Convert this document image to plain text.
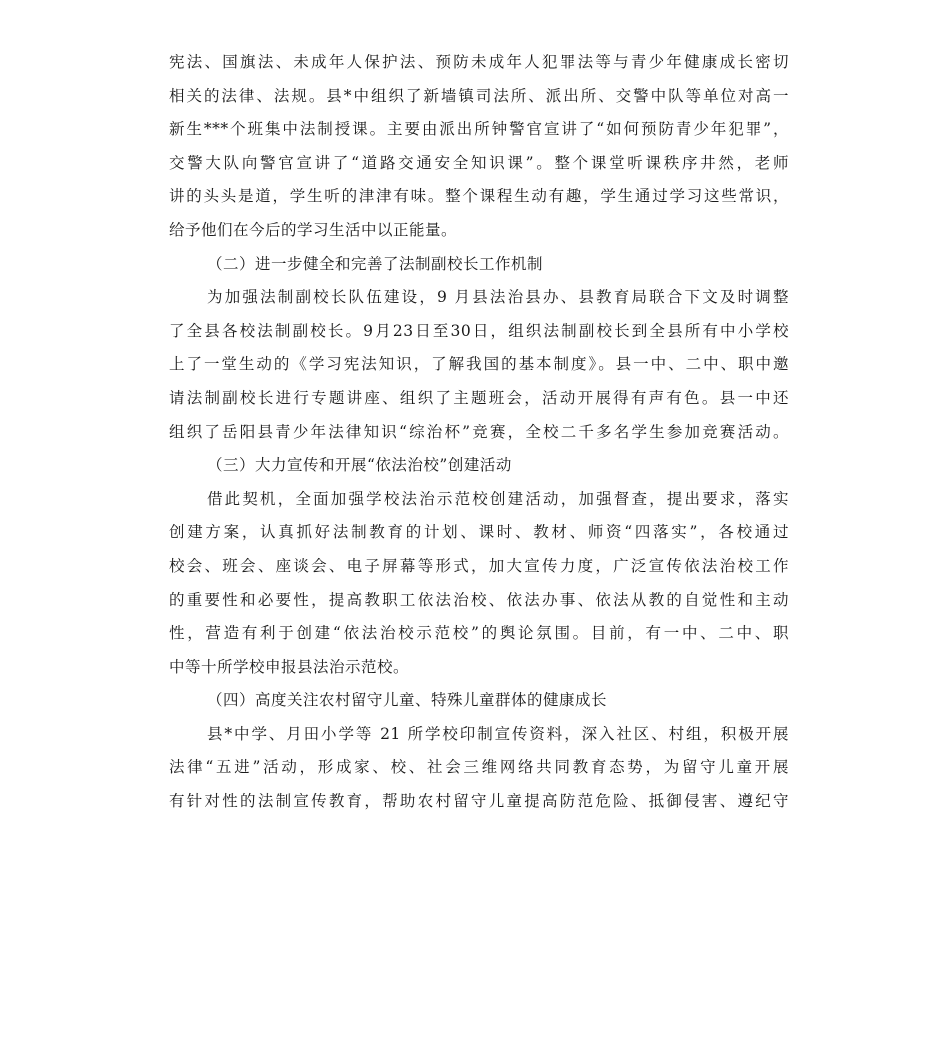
宪法、国旗法、未成年人保护法、预防未成年人犯罪法等与青少年健康成长密切
相关的法律、法规。县*中组织了新墙镇司法所、派出所、交警中队等单位对高一
新生***个班集中法制授课。主要由派出所钟警官宣讲了“如何预防青少年犯罪”，
交警大队向警官宣讲了“道路交通安全知识课”。整个课堂听课秩序井然，老师
讲的头头是道，学生听的津津有味。整个课程生动有趣，学生通过学习这些常识，
给予他们在今后的学习生活中以正能量。
（二）进一步健全和完善了法制副校长工作机制
为加强法制副校长队伍建设，9 月县法治县办、县教育局联合下文及时调整
了全县各校法制副校长。9月23日至30日，组织法制副校长到全县所有中小学校
上了一堂生动的《学习宪法知识，了解我国的基本制度》。县一中、二中、职中邀
请法制副校长进行专题讲座、组织了主题班会，活动开展得有声有色。县一中还
组织了岳阳县青少年法律知识“综治杯”竞赛，全校二千多名学生参加竞赛活动。
（三）大力宣传和开展“依法治校”创建活动
借此契机，全面加强学校法治示范校创建活动，加强督查，提出要求，落实
创建方案，认真抓好法制教育的计划、课时、教材、师资“四落实”，各校通过
校会、班会、座谈会、电子屏幕等形式，加大宣传力度，广泛宣传依法治校工作
的重要性和必要性，提高教职工依法治校、依法办事、依法从教的自觉性和主动
性，营造有利于创建“依法治校示范校”的舆论氛围。目前，有一中、二中、职
中等十所学校申报县法治示范校。
（四）高度关注农村留守儿童、特殊儿童群体的健康成长
县*中学、月田小学等 21 所学校印制宣传资料，深入社区、村组，积极开展
法律“五进”活动，形成家、校、社会三维网络共同教育态势，为留守儿童开展
有针对性的法制宣传教育，帮助农村留守儿童提高防范危险、抵御侵害、遵纪守
